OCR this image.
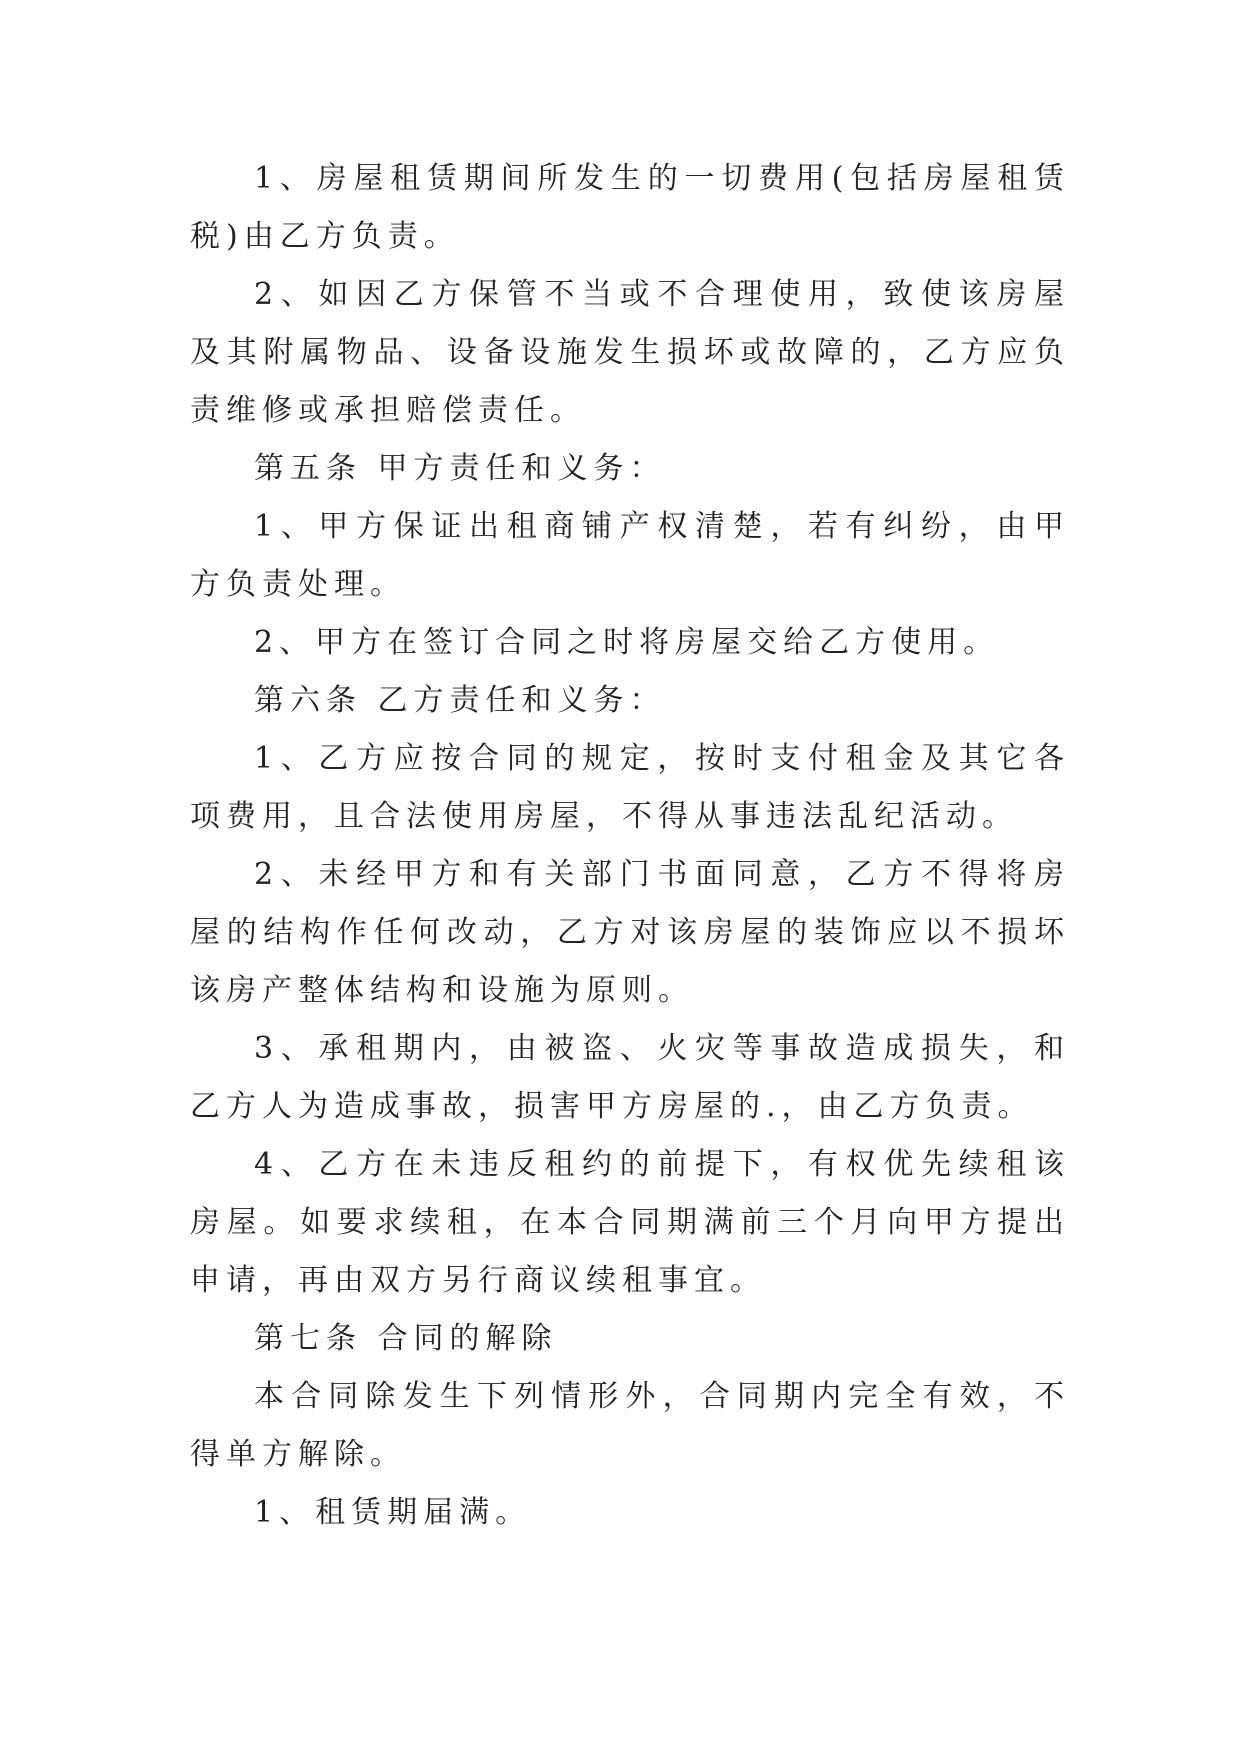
1、房屋租赁期间所发生的一切费用(包括房屋租赁税)由乙方负责。

2、如因乙方保管不当或不合理使用，致使该房屋及其附属物品、设备设施发生损坏或故障的，乙方应负责维修或承担赔偿责任。

第五条 甲方责任和义务：

1、甲方保证出租商铺产权清楚，若有纠纷，由甲方负责处理。

2、甲方在签订合同之时将房屋交给乙方使用。

第六条 乙方责任和义务：

1、乙方应按合同的规定，按时支付租金及其它各项费用，且合法使用房屋，不得从事违法乱纪活动。

2、未经甲方和有关部门书面同意，乙方不得将房屋的结构作任何改动，乙方对该房屋的装饰应以不损坏该房产整体结构和设施为原则。

3、承租期内，由被盗、火灾等事故造成损失，和乙方人为造成事故，损害甲方房屋的.，由乙方负责。

4、乙方在未违反租约的前提下，有权优先续租该房屋。如要求续租，在本合同期满前三个月向甲方提出申请，再由双方另行商议续租事宜。

第七条 合同的解除

本合同除发生下列情形外，合同期内完全有效，不得单方解除。

1、租赁期届满。
